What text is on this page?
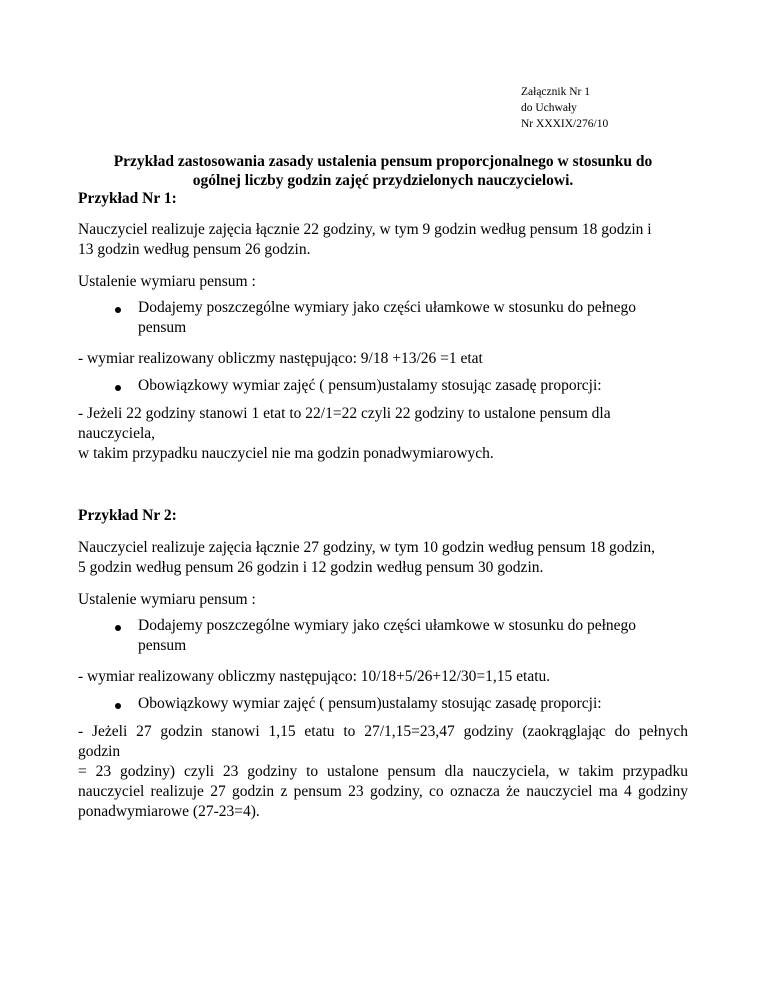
Załącznik Nr 1
do Uchwały
Nr XXXIX/276/10
Przykład zastosowania zasady ustalenia pensum proporcjonalnego w stosunku do
ogólnej liczby godzin zajęć przydzielonych nauczycielowi.
Przykład Nr 1:
Nauczyciel realizuje zajęcia łącznie 22 godziny, w tym 9 godzin według pensum 18 godzin i
13 godzin według pensum 26 godzin.
Ustalenie wymiaru pensum :
Dodajemy poszczególne wymiary jako części ułamkowe w stosunku do pełnego
pensum
- wymiar realizowany obliczmy następująco: 9/18 +13/26 =1 etat
Obowiązkowy wymiar zajęć ( pensum)ustalamy stosując zasadę proporcji:
- Jeżeli 22 godziny stanowi 1 etat to 22/1=22 czyli 22 godziny to ustalone pensum dla
nauczyciela,
w takim przypadku nauczyciel nie ma godzin ponadwymiarowych.
Przykład Nr 2:
Nauczyciel realizuje zajęcia łącznie 27 godziny, w tym 10 godzin według pensum 18 godzin,
5 godzin według pensum 26 godzin i 12 godzin według pensum 30 godzin.
Ustalenie wymiaru pensum :
Dodajemy poszczególne wymiary jako części ułamkowe w stosunku do pełnego
pensum
- wymiar realizowany obliczmy następująco: 10/18+5/26+12/30=1,15 etatu.
Obowiązkowy wymiar zajęć ( pensum)ustalamy stosując zasadę proporcji:
- Jeżeli 27 godzin stanowi 1,15 etatu to 27/1,15=23,47 godziny (zaokrąglając do pełnych
godzin
= 23 godziny) czyli 23 godziny to ustalone pensum dla nauczyciela, w takim przypadku
nauczyciel realizuje 27 godzin z pensum 23 godziny, co oznacza że nauczyciel ma 4 godziny
ponadwymiarowe (27-23=4).
